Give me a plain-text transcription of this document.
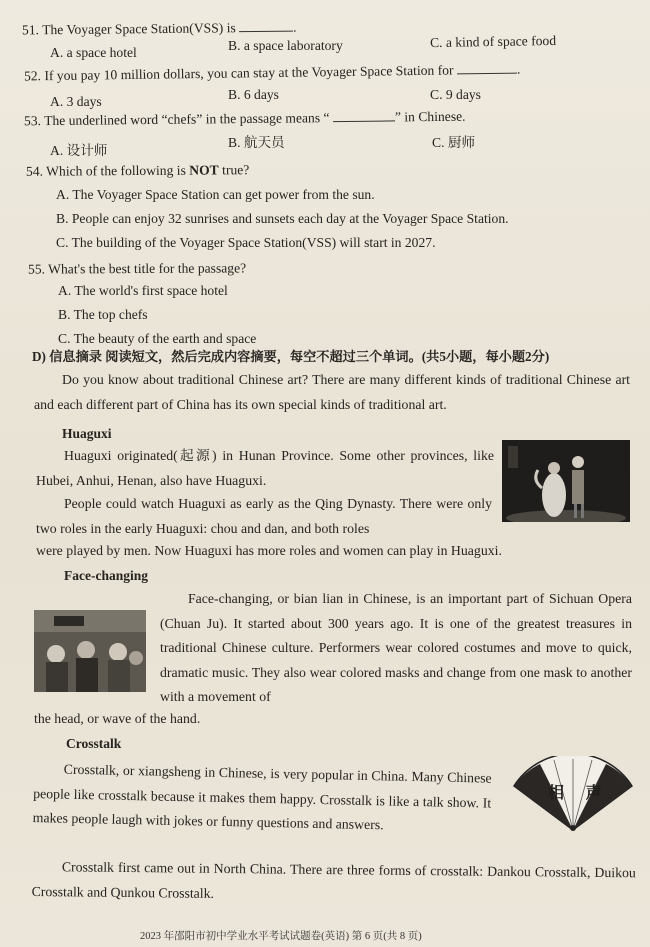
51. The Voyager Space Station(VSS) is	.
A. a space hotel	B. a space laboratory	C. a kind of space food
52. If you pay 10 million dollars, you can stay at the Voyager Space Station for	.
A. 3 days	B. 6 days	C. 9 days
53. The underlined word “chefs” in the passage means “	” in Chinese.
A. 设计师
B. 航天员	C. 厨师
54. Which of the following is NOT true?
A. The Voyager Space Station can get power from the sun.
B. People can enjoy 32 sunrises and sunsets each day at the Voyager Space Station.
C. The building of the Voyager Space Station(VSS) will start in 2027.
55. What's the best title for the passage?
A. The world's first space hotel
B. The top chefs
C. The beauty of the earth and space
D) 信息摘录 阅读短文，然后完成内容摘要，每空不超过三个单词。(共5小题，每小题2分)
Do you know about traditional Chinese art? There are many different kinds of traditional Chinese art and each different part of China has its own special kinds of traditional art.
Huaguxi
Huaguxi originated(起源) in Hunan Province. Some other provinces, like Hubei, Anhui, Henan, also have Huaguxi.
People could watch Huaguxi as early as the Qing Dynasty. There were only two roles in the early Huaguxi: chou and dan, and both roles
were played by men. Now Huaguxi has more roles and women can play in Huaguxi.
Face-changing
Face-changing, or bian lian in Chinese, is an important part of Sichuan Opera (Chuan Ju). It started about 300 years ago. It is one of the greatest treasures in traditional Chinese culture. Performers wear colored costumes and move to quick, dramatic music. They also wear colored masks and change from one mask to another with a movement of
the head, or wave of the hand.
Crosstalk
Crosstalk, or xiangsheng in Chinese, is very popular in China. Many Chinese people like crosstalk because it makes them happy. Crosstalk is like a talk show. It makes people laugh with jokes or funny questions and answers.
Crosstalk first came out in North China. There are three forms of crosstalk: Dankou Crosstalk, Duikou Crosstalk and Qunkou Crosstalk.
相 声
2023 年邵阳市初中学业水平考试试题卷(英语) 第 6 页(共 8 页)
